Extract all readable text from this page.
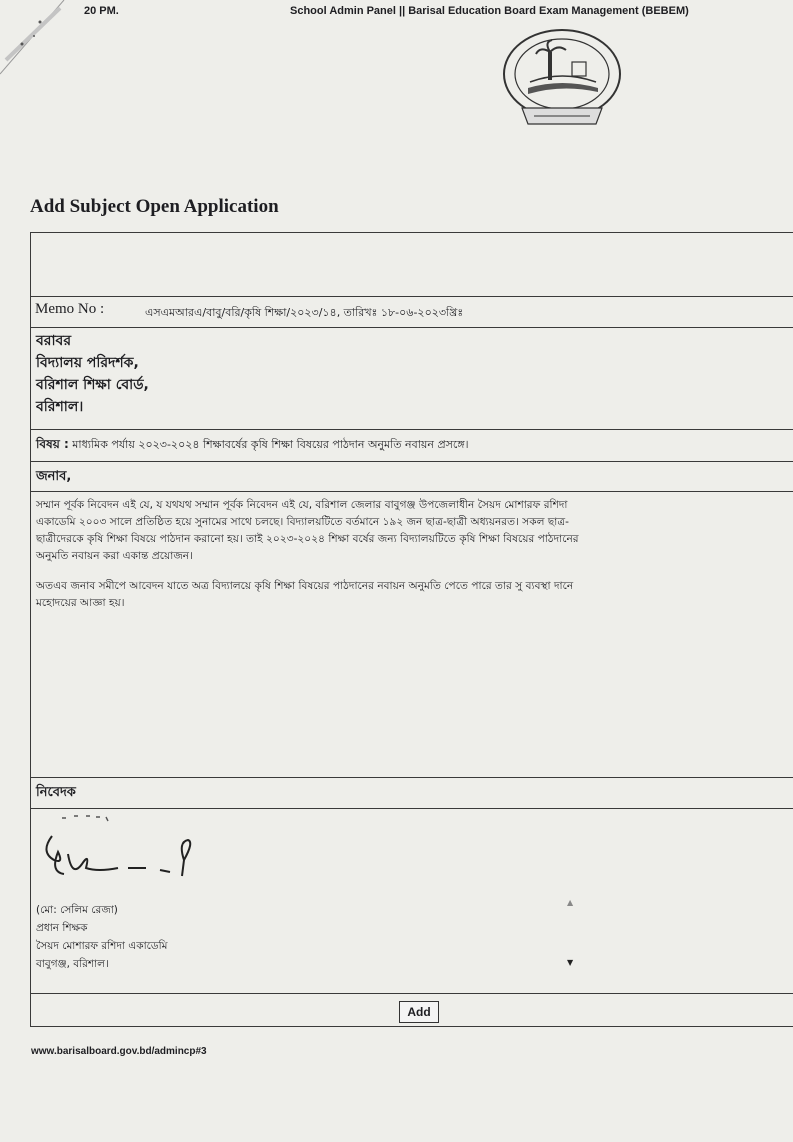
20 PM.	School Admin Panel || Barisal Education Board Exam Management (BEBEM)
Add Subject Open Application
Memo No :	এসএমআরএ/বাবু/বরি/কৃষি শিক্ষা/২০২৩/১৪, তারিখঃ ১৮-০৬-২০২৩খ্রিঃ
বরাবর
বিদ্যালয় পরিদর্শক,
বরিশাল শিক্ষা বোর্ড,
বরিশাল।
বিষয় : মাধ্যমিক পর্যায় ২০২৩-২০২৪ শিক্ষাবর্ষের কৃষি শিক্ষা বিষয়ের পাঠদান অনুমতি নবায়ন প্রসঙ্গে।
জনাব,

সম্মান পূর্বক নিবেদন এই যে, য যথযথ সম্মান পূর্বক নিবেদন এই যে, বরিশাল জেলার বাবুগঞ্জ উপজেলাধীন সৈয়দ মোশারফ রশিদা একাডেমি ২০০৩ সালে প্রতিষ্ঠিত হয়ে সুনামের সাথে চলছে। বিদ্যালয়টিতে বর্তমানে ১৯২ জন ছাত্র-ছাত্রী অধ্যয়নরত। সকল ছাত্র-ছাত্রীদেরকে কৃষি শিক্ষা বিষয়ে পাঠদান করানো হয়। তাই ২০২৩-২০২৪ শিক্ষা বর্ষের জন্য বিদ্যালয়টিতে কৃষি শিক্ষা বিষয়ের পাঠদানের অনুমতি নবায়ন করা একান্ত প্রয়োজন।

অতএব জনাব সমীপে আবেদন যাতে অত্র বিদ্যালয়ে কৃষি শিক্ষা বিষয়ের পাঠদানের নবায়ন অনুমতি পেতে পারে তার সু ব্যবস্থা দানে মহোদয়ের আজ্ঞা হয়।

নিবেদক
(মো: সেলিম রেজা)
প্রধান শিক্ষক
সৈয়দ মোশারফ রশিদা একাডেমি
বাবুগঞ্জ, বরিশাল।
▲
▼
Add
www.barisalboard.gov.bd/admincp#3
